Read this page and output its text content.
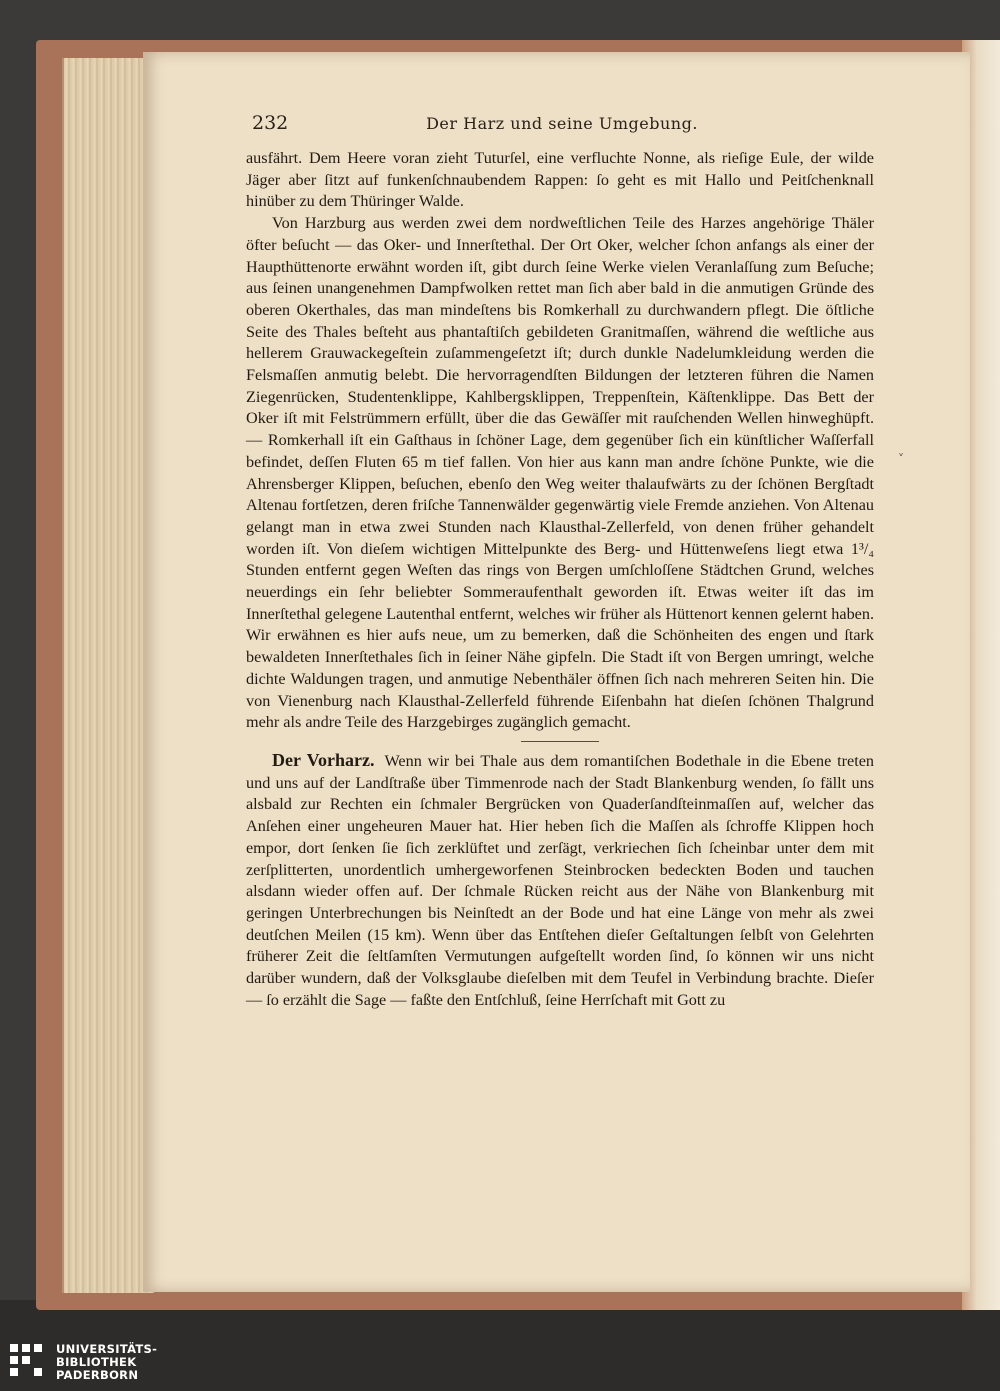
232	Der Harz und seine Umgebung.

ausfährt. Dem Heere voran zieht Tuturſel, eine verfluchte Nonne, als rieſige Eule, der wilde Jäger aber ſitzt auf funkenſchnaubendem Rappen: ſo geht es mit Hallo und Peitſchenknall hinüber zu dem Thüringer Walde.

Von Harzburg aus werden zwei dem nordweſtlichen Teile des Harzes angehörige Thäler öfter beſucht — das Oker- und Innerſtethal. Der Ort Oker, welcher ſchon anfangs als einer der Haupthüttenorte erwähnt worden iſt, gibt durch ſeine Werke vielen Veranlaſſung zum Beſuche; aus ſeinen unangenehmen Dampfwolken rettet man ſich aber bald in die anmutigen Gründe des oberen Okerthales, das man mindeſtens bis Romkerhall zu durchwandern pflegt. Die öſtliche Seite des Thales beſteht aus phantaſtiſch gebildeten Granitmaſſen, während die weſtliche aus hellerem Grauwackegeſtein zuſammengeſetzt iſt; durch dunkle Nadelumkleidung werden die Felsmaſſen anmutig belebt. Die hervorragendſten Bildungen der letzteren führen die Namen Ziegenrücken, Studentenklippe, Kahlbergsklippen, Treppenſtein, Käſtenklippe. Das Bett der Oker iſt mit Felstrümmern erfüllt, über die das Gewäſſer mit rauſchenden Wellen hinweghüpft. — Romkerhall iſt ein Gaſthaus in ſchöner Lage, dem gegenüber ſich ein künſtlicher Waſſerfall befindet, deſſen Fluten 65 m tief fallen. Von hier aus kann man andre ſchöne Punkte, wie die Ahrensberger Klippen, beſuchen, ebenſo den Weg weiter thalaufwärts zu der ſchönen Bergſtadt Altenau fortſetzen, deren friſche Tannenwälder gegenwärtig viele Fremde anziehen. Von Altenau gelangt man in etwa zwei Stunden nach Klausthal-Zellerfeld, von denen früher gehandelt worden iſt. Von dieſem wichtigen Mittelpunkte des Berg- und Hüttenweſens liegt etwa 1³/₄ Stunden entfernt gegen Weſten das rings von Bergen umſchloſſene Städtchen Grund, welches neuerdings ein ſehr beliebter Sommeraufenthalt geworden iſt. Etwas weiter iſt das im Innerſtethal gelegene Lautenthal entfernt, welches wir früher als Hüttenort kennen gelernt haben. Wir erwähnen es hier aufs neue, um zu bemerken, daß die Schönheiten des engen und ſtark bewaldeten Innerſtethales ſich in ſeiner Nähe gipfeln. Die Stadt iſt von Bergen umringt, welche dichte Waldungen tragen, und anmutige Nebenthäler öffnen ſich nach mehreren Seiten hin. Die von Vienenburg nach Klausthal-Zellerfeld führende Eiſenbahn hat dieſen ſchönen Thalgrund mehr als andre Teile des Harzgebirges zugänglich gemacht.

Der Vorharz. Wenn wir bei Thale aus dem romantiſchen Bodethale in die Ebene treten und uns auf der Landſtraße über Timmenrode nach der Stadt Blankenburg wenden, ſo fällt uns alsbald zur Rechten ein ſchmaler Bergrücken von Quaderſandſteinmaſſen auf, welcher das Anſehen einer ungeheuren Mauer hat. Hier heben ſich die Maſſen als ſchroffe Klippen hoch empor, dort ſenken ſie ſich zerklüftet und zerſägt, verkriechen ſich ſcheinbar unter dem mit zerſplitterten, unordentlich umhergeworfenen Steinbrocken bedeckten Boden und tauchen alsdann wieder offen auf. Der ſchmale Rücken reicht aus der Nähe von Blankenburg mit geringen Unterbrechungen bis Neinſtedt an der Bode und hat eine Länge von mehr als zwei deutſchen Meilen (15 km). Wenn über das Entſtehen dieſer Geſtaltungen ſelbſt von Gelehrten früherer Zeit die ſeltſamſten Vermutungen aufgeſtellt worden ſind, ſo können wir uns nicht darüber wundern, daß der Volksglaube dieſelben mit dem Teufel in Verbindung brachte. Dieſer — ſo erzählt die Sage — faßte den Entſchluß, ſeine Herrſchaft mit Gott zu

˅
UNIVERSITÄTS-
BIBLIOTHEK
PADERBORN
